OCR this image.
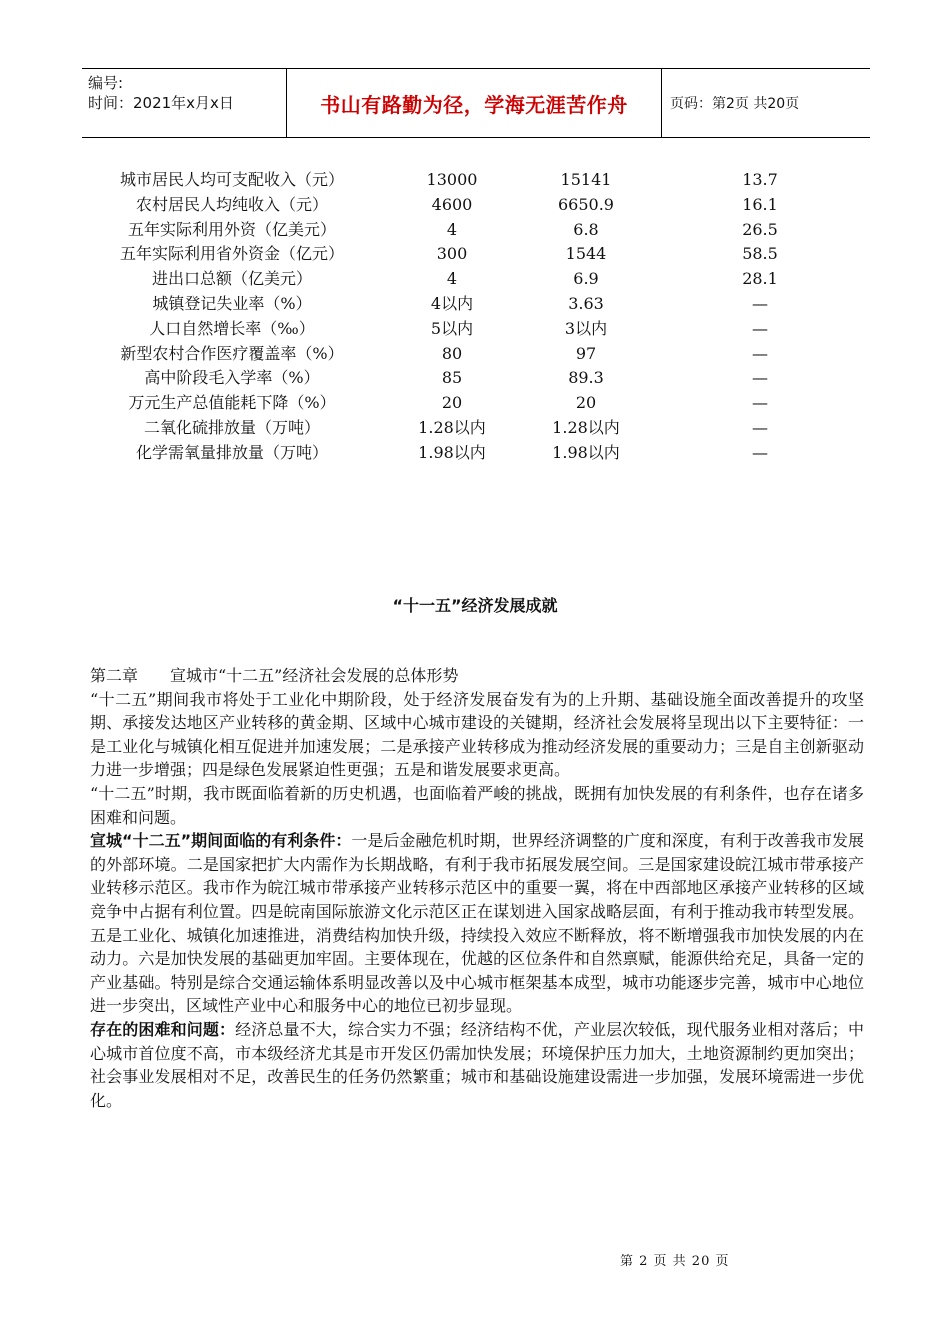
编号:
时间：2021年x月x日	书山有路勤为径，学海无涯苦作舟	页码：第2页 共20页
城市居民人均可支配收入（元）	13000	15141	13.7
农村居民人均纯收入（元）	4600	6650.9	16.1
五年实际利用外资（亿美元）	4	6.8	26.5
五年实际利用省外资金（亿元）	300	1544	58.5
进出口总额（亿美元）	4	6.9	28.1
城镇登记失业率（%）	4以内	3.63	—
人口自然增长率（‰）	5以内	3以内	—
新型农村合作医疗覆盖率（%）	80	97	—
高中阶段毛入学率（%）	85	89.3	—
万元生产总值能耗下降（%）	20	20	—
二氧化硫排放量（万吨）	1.28以内	1.28以内	—
化学需氧量排放量（万吨）	1.98以内	1.98以内	—
“十一五”经济发展成就

第二章　　宣城市“十二五”经济社会发展的总体形势

“十二五”期间我市将处于工业化中期阶段，处于经济发展奋发有为的上升期、基础设施全面改善提升的攻坚期、承接发达地区产业转移的黄金期、区域中心城市建设的关键期，经济社会发展将呈现出以下主要特征：一是工业化与城镇化相互促进并加速发展；二是承接产业转移成为推动经济发展的重要动力；三是自主创新驱动力进一步增强；四是绿色发展紧迫性更强；五是和谐发展要求更高。

“十二五”时期，我市既面临着新的历史机遇，也面临着严峻的挑战，既拥有加快发展的有利条件，也存在诸多困难和问题。

宣城“十二五”期间面临的有利条件：一是后金融危机时期，世界经济调整的广度和深度，有利于改善我市发展的外部环境。二是国家把扩大内需作为长期战略，有利于我市拓展发展空间。三是国家建设皖江城市带承接产业转移示范区。我市作为皖江城市带承接产业转移示范区中的重要一翼，将在中西部地区承接产业转移的区域竞争中占据有利位置。四是皖南国际旅游文化示范区正在谋划进入国家战略层面，有利于推动我市转型发展。五是工业化、城镇化加速推进，消费结构加快升级，持续投入效应不断释放，将不断增强我市加快发展的内在动力。六是加快发展的基础更加牢固。主要体现在，优越的区位条件和自然禀赋，能源供给充足，具备一定的产业基础。特别是综合交通运输体系明显改善以及中心城市框架基本成型，城市功能逐步完善，城市中心地位进一步突出，区域性产业中心和服务中心的地位已初步显现。

存在的困难和问题：经济总量不大，综合实力不强；经济结构不优，产业层次较低，现代服务业相对落后；中心城市首位度不高，市本级经济尤其是市开发区仍需加快发展；环境保护压力加大，土地资源制约更加突出；社会事业发展相对不足，改善民生的任务仍然繁重；城市和基础设施建设需进一步加强，发展环境需进一步优化。

第 2 页 共 20 页
